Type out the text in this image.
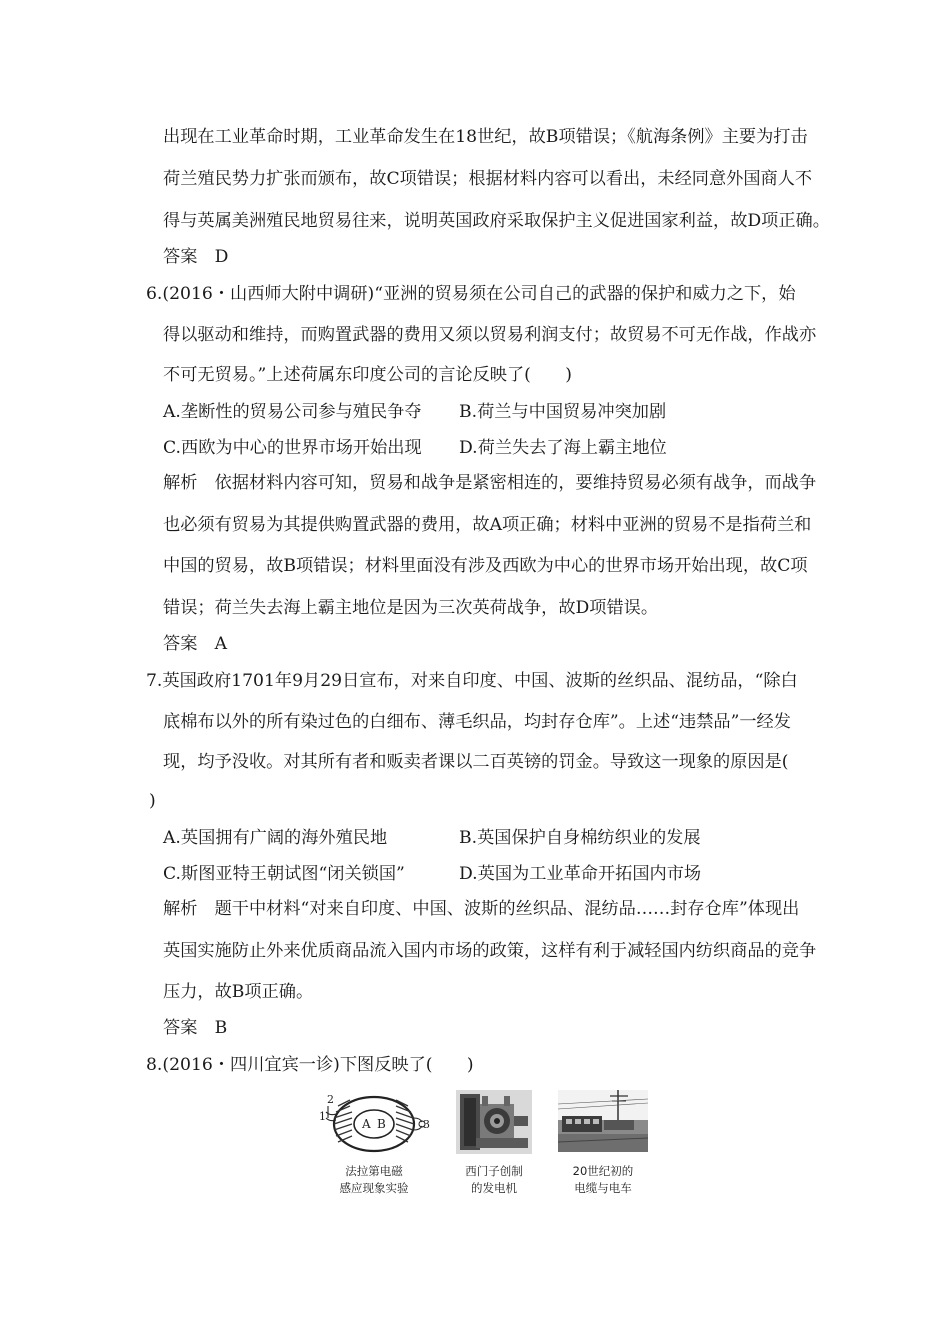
出现在工业革命时期，工业革命发生在18世纪，故B项错误；《航海条例》主要为打击
荷兰殖民势力扩张而颁布，故C项错误；根据材料内容可以看出，未经同意外国商人不
得与英属美洲殖民地贸易往来，说明英国政府采取保护主义促进国家利益，故D项正确。
答案　D
6.(2016・山西师大附中调研)“亚洲的贸易须在公司自己的武器的保护和威力之下，始
得以驱动和维持，而购置武器的费用又须以贸易利润支付；故贸易不可无作战，作战亦
不可无贸易。”上述荷属东印度公司的言论反映了(　　)
A.垄断性的贸易公司参与殖民争夺 B.荷兰与中国贸易冲突加剧
C.西欧为中心的世界市场开始出现 D.荷兰失去了海上霸主地位
解析　依据材料内容可知，贸易和战争是紧密相连的，要维持贸易必须有战争，而战争
也必须有贸易为其提供购置武器的费用，故A项正确；材料中亚洲的贸易不是指荷兰和
中国的贸易，故B项错误；材料里面没有涉及西欧为中心的世界市场开始出现，故C项
错误；荷兰失去海上霸主地位是因为三次英荷战争，故D项错误。
答案　A
7.英国政府1701年9月29日宣布，对来自印度、中国、波斯的丝织品、混纺品，“除白
底棉布以外的所有染过色的白细布、薄毛织品，均封存仓库”。上述“违禁品”一经发
现，均予没收。对其所有者和贩卖者课以二百英镑的罚金。导致这一现象的原因是(
)
A.英国拥有广阔的海外殖民地	B.英国保护自身棉纺织业的发展
C.斯图亚特王朝试图“闭关锁国”	D.英国为工业革命开拓国内市场
解析　题干中材料“对来自印度、中国、波斯的丝织品、混纺品……封存仓库”体现出
英国实施防止外来优质商品流入国内市场的政策，这样有利于减轻国内纺织商品的竞争
压力，故B项正确。
答案　B
8.(2016・四川宜宾一诊)下图反映了(　　)
2
1
3
A B
法拉第电磁
感应现象实验
西门子创制
的发电机
20世纪初的
电缆与电车
